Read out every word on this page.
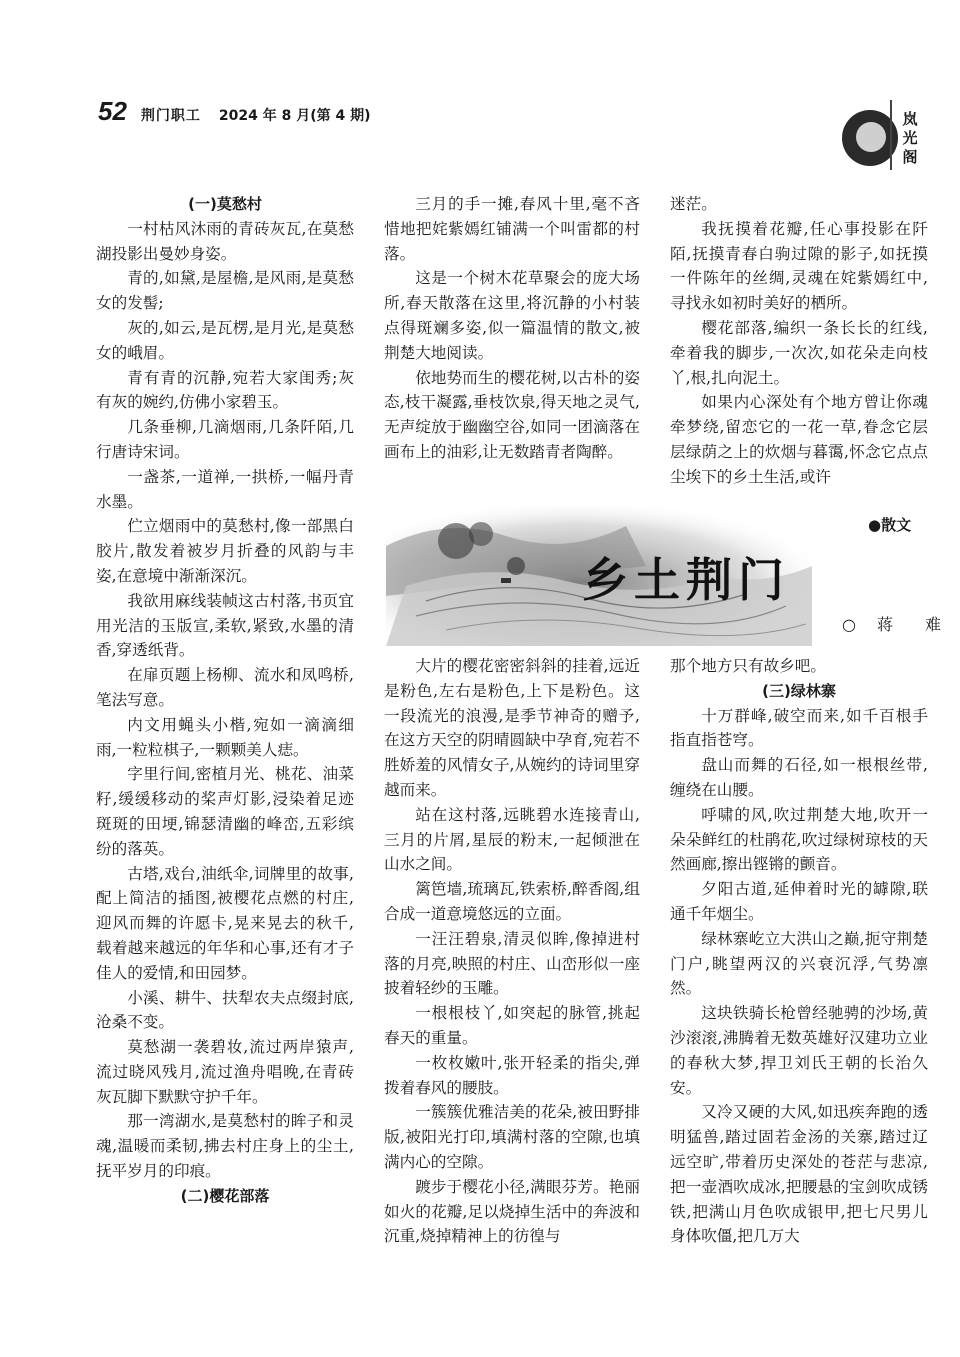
52 荆门职工 2024 年 8 月(第 4 期)	岚光阁

(一)莫愁村

一村枯风沐雨的青砖灰瓦,在莫愁湖投影出曼妙身姿。

青的,如黛,是屋檐,是风雨,是莫愁女的发髻;

灰的,如云,是瓦楞,是月光,是莫愁女的峨眉。

青有青的沉静,宛若大家闺秀;灰有灰的婉约,仿佛小家碧玉。

几条垂柳,几滴烟雨,几条阡陌,几行唐诗宋词。

一盏茶,一道禅,一拱桥,一幅丹青水墨。

伫立烟雨中的莫愁村,像一部黑白胶片,散发着被岁月折叠的风韵与丰姿,在意境中渐渐深沉。

我欲用麻线装帧这古村落,书页宜用光洁的玉版宣,柔软,紧致,水墨的清香,穿透纸背。

在扉页题上杨柳、流水和凤鸣桥,笔法写意。

内文用蝇头小楷,宛如一滴滴细雨,一粒粒棋子,一颗颗美人痣。

字里行间,密植月光、桃花、油菜籽,缓缓移动的桨声灯影,浸染着足迹斑斑的田埂,锦瑟清幽的峰峦,五彩缤纷的落英。

古塔,戏台,油纸伞,词牌里的故事,配上简洁的插图,被樱花点燃的村庄,迎风而舞的许愿卡,晃来晃去的秋千,载着越来越远的年华和心事,还有才子佳人的爱情,和田园梦。

小溪、耕牛、扶犁农夫点缀封底,沧桑不变。

莫愁湖一袭碧妆,流过两岸猿声,流过晓风残月,流过渔舟唱晚,在青砖灰瓦脚下默默守护千年。

那一湾湖水,是莫愁村的眸子和灵魂,温暖而柔韧,拂去村庄身上的尘土,抚平岁月的印痕。

(二)樱花部落

三月的手一摊,春风十里,毫不吝惜地把姹紫嫣红铺满一个叫雷都的村落。

这是一个树木花草聚会的庞大场所,春天散落在这里,将沉静的小村装点得斑斓多姿,似一篇温情的散文,被荆楚大地阅读。

依地势而生的樱花树,以古朴的姿态,枝干凝露,垂枝饮泉,得天地之灵气,无声绽放于幽幽空谷,如同一团滴落在画布上的油彩,让无数踏青者陶醉。

迷茫。

我抚摸着花瓣,任心事投影在阡陌,抚摸青春白驹过隙的影子,如抚摸一件陈年的丝绸,灵魂在姹紫嫣红中,寻找永如初时美好的栖所。

樱花部落,编织一条长长的红线,牵着我的脚步,一次次,如花朵走向枝丫,根,扎向泥土。

如果内心深处有个地方曾让你魂牵梦绕,留恋它的一花一草,眷念它层层绿荫之上的炊烟与暮霭,怀念它点点尘埃下的乡土生活,或许

乡土荆门
●散文
○ 蒋　难

大片的樱花密密斜斜的挂着,远近是粉色,左右是粉色,上下是粉色。这一段流光的浪漫,是季节神奇的赠予,在这方天空的阴晴圆缺中孕育,宛若不胜娇羞的风情女子,从婉约的诗词里穿越而来。

站在这村落,远眺碧水连接青山,三月的片屑,星辰的粉末,一起倾泄在山水之间。

篱笆墙,琉璃瓦,铁索桥,醉香阁,组合成一道意境悠远的立面。

一汪汪碧泉,清灵似眸,像掉进村落的月亮,映照的村庄、山峦形似一座披着轻纱的玉雕。

一根根枝丫,如突起的脉管,挑起春天的重量。

一枚枚嫩叶,张开轻柔的指尖,弹拨着春风的腰肢。

一簇簇优雅洁美的花朵,被田野排版,被阳光打印,填满村落的空隙,也填满内心的空隙。

踱步于樱花小径,满眼芬芳。艳丽如火的花瓣,足以烧掉生活中的奔波和沉重,烧掉精神上的彷徨与

那个地方只有故乡吧。

(三)绿林寨

十万群峰,破空而来,如千百根手指直指苍穹。

盘山而舞的石径,如一根根丝带,缠绕在山腰。

呼啸的风,吹过荆楚大地,吹开一朵朵鲜红的杜鹃花,吹过绿树琼枝的天然画廊,擦出铿锵的颤音。

夕阳古道,延伸着时光的罅隙,联通千年烟尘。

绿林寨屹立大洪山之巅,扼守荆楚门户,眺望两汉的兴衰沉浮,气势凛然。

这块铁骑长枪曾经驰骋的沙场,黄沙滚滚,沸腾着无数英雄好汉建功立业的春秋大梦,捍卫刘氏王朝的长治久安。

又冷又硬的大风,如迅疾奔跑的透明猛兽,踏过固若金汤的关寨,踏过辽远空旷,带着历史深处的苍茫与悲凉,把一壶酒吹成冰,把腰悬的宝剑吹成锈铁,把满山月色吹成银甲,把七尺男儿身体吹僵,把几万大
